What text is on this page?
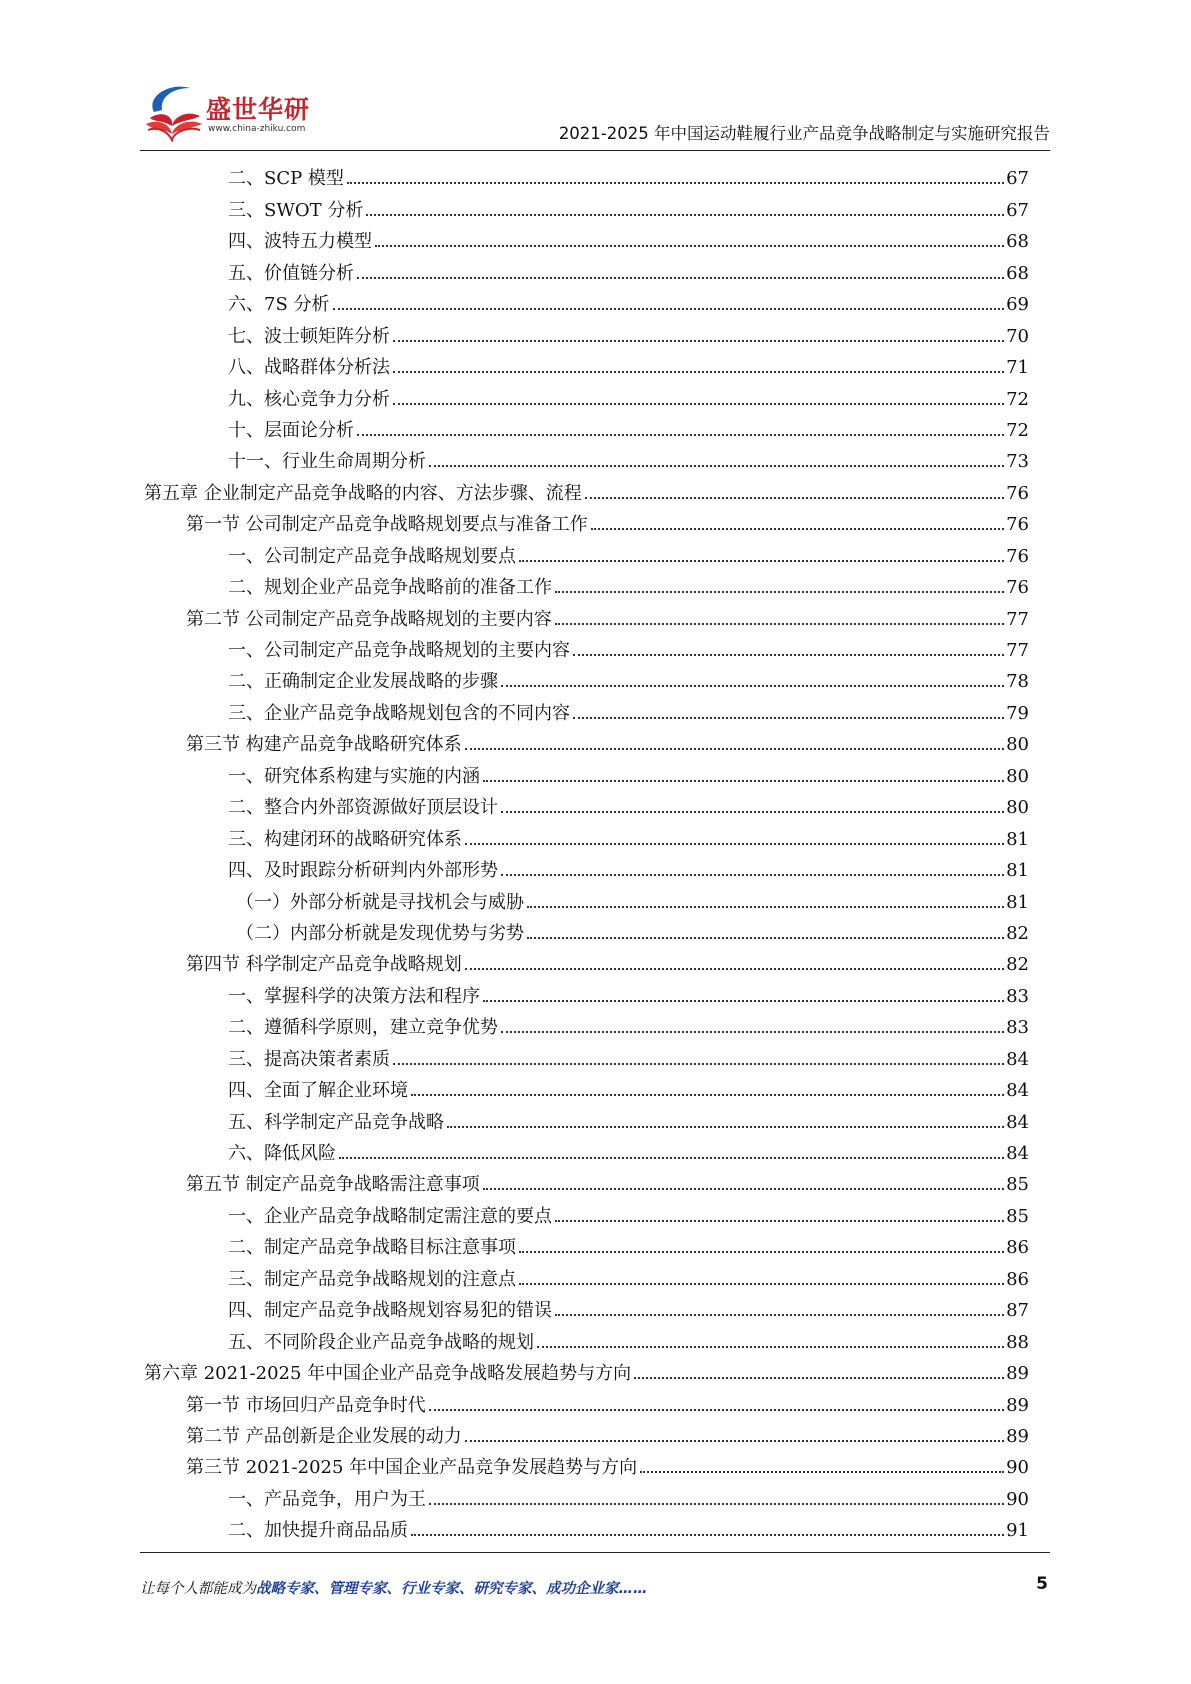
盛世华研
www.china-zhiku.com	2021-2025 年中国运动鞋履行业产品竞争战略制定与实施研究报告
二、SCP 模型	67
三、SWOT 分析	67
四、波特五力模型	68
五、价值链分析	68
六、7S 分析	69
七、波士顿矩阵分析	70
八、战略群体分析法	71
九、核心竞争力分析	72
十、层面论分析	72
十一、行业生命周期分析	73
第五章 企业制定产品竞争战略的内容、方法步骤、流程	76
第一节 公司制定产品竞争战略规划要点与准备工作	76
一、公司制定产品竞争战略规划要点	76
二、规划企业产品竞争战略前的准备工作	76
第二节 公司制定产品竞争战略规划的主要内容	77
一、公司制定产品竞争战略规划的主要内容	77
二、正确制定企业发展战略的步骤	78
三、企业产品竞争战略规划包含的不同内容	79
第三节 构建产品竞争战略研究体系	80
一、研究体系构建与实施的内涵	80
二、整合内外部资源做好顶层设计	80
三、构建闭环的战略研究体系	81
四、及时跟踪分析研判内外部形势	81
（一）外部分析就是寻找机会与威胁	81
（二）内部分析就是发现优势与劣势	82
第四节 科学制定产品竞争战略规划	82
一、掌握科学的决策方法和程序	83
二、遵循科学原则，建立竞争优势	83
三、提高决策者素质	84
四、全面了解企业环境	84
五、科学制定产品竞争战略	84
六、降低风险	84
第五节 制定产品竞争战略需注意事项	85
一、企业产品竞争战略制定需注意的要点	85
二、制定产品竞争战略目标注意事项	86
三、制定产品竞争战略规划的注意点	86
四、制定产品竞争战略规划容易犯的错误	87
五、不同阶段企业产品竞争战略的规划	88
第六章 2021-2025 年中国企业产品竞争战略发展趋势与方向	89
第一节 市场回归产品竞争时代	89
第二节 产品创新是企业发展的动力	89
第三节 2021-2025 年中国企业产品竞争发展趋势与方向	90
一、产品竞争，用户为王	90
二、加快提升商品品质	91
让每个人都能成为战略专家、管理专家、行业专家、研究专家、成功企业家……	5
